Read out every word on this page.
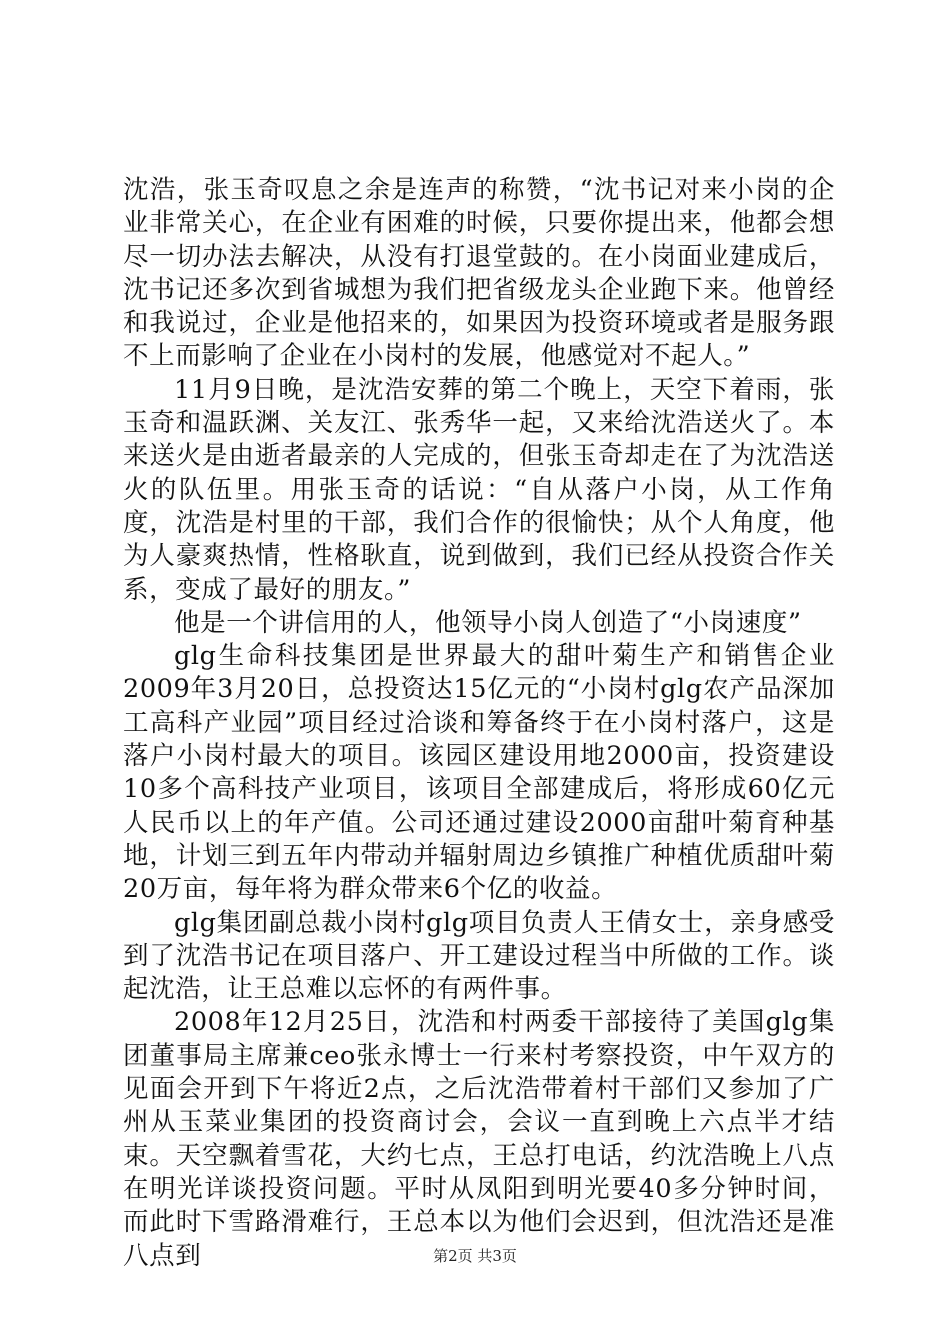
沈浩，张玉奇叹息之余是连声的称赞，“沈书记对来小岗的企业非常关心，在企业有困难的时候，只要你提出来，他都会想尽一切办法去解决，从没有打退堂鼓的。在小岗面业建成后，沈书记还多次到省城想为我们把省级龙头企业跑下来。他曾经和我说过，企业是他招来的，如果因为投资环境或者是服务跟不上而影响了企业在小岗村的发展，他感觉对不起人。”

11月9日晚，是沈浩安葬的第二个晚上，天空下着雨，张玉奇和温跃渊、关友江、张秀华一起，又来给沈浩送火了。本来送火是由逝者最亲的人完成的，但张玉奇却走在了为沈浩送火的队伍里。用张玉奇的话说：“自从落户小岗，从工作角度，沈浩是村里的干部，我们合作的很愉快；从个人角度，他为人豪爽热情，性格耿直，说到做到，我们已经从投资合作关系，变成了最好的朋友。”

他是一个讲信用的人，他领导小岗人创造了“小岗速度”

glg生命科技集团是世界最大的甜叶菊生产和销售企业2009年3月20日，总投资达15亿元的“小岗村glg农产品深加工高科产业园”项目经过洽谈和筹备终于在小岗村落户，这是落户小岗村最大的项目。该园区建设用地2000亩，投资建设10多个高科技产业项目，该项目全部建成后，将形成60亿元人民币以上的年产值。公司还通过建设2000亩甜叶菊育种基地，计划三到五年内带动并辐射周边乡镇推广种植优质甜叶菊20万亩，每年将为群众带来6个亿的收益。

glg集团副总裁小岗村glg项目负责人王倩女士，亲身感受到了沈浩书记在项目落户、开工建设过程当中所做的工作。谈起沈浩，让王总难以忘怀的有两件事。

2008年12月25日，沈浩和村两委干部接待了美国glg集团董事局主席兼ceo张永博士一行来村考察投资，中午双方的见面会开到下午将近2点，之后沈浩带着村干部们又参加了广州从玉菜业集团的投资商讨会，会议一直到晚上六点半才结束。天空飘着雪花，大约七点，王总打电话，约沈浩晚上八点在明光详谈投资问题。平时从凤阳到明光要40多分钟时间，而此时下雪路滑难行，王总本以为他们会迟到，但沈浩还是准八点到	第2页 共3页
